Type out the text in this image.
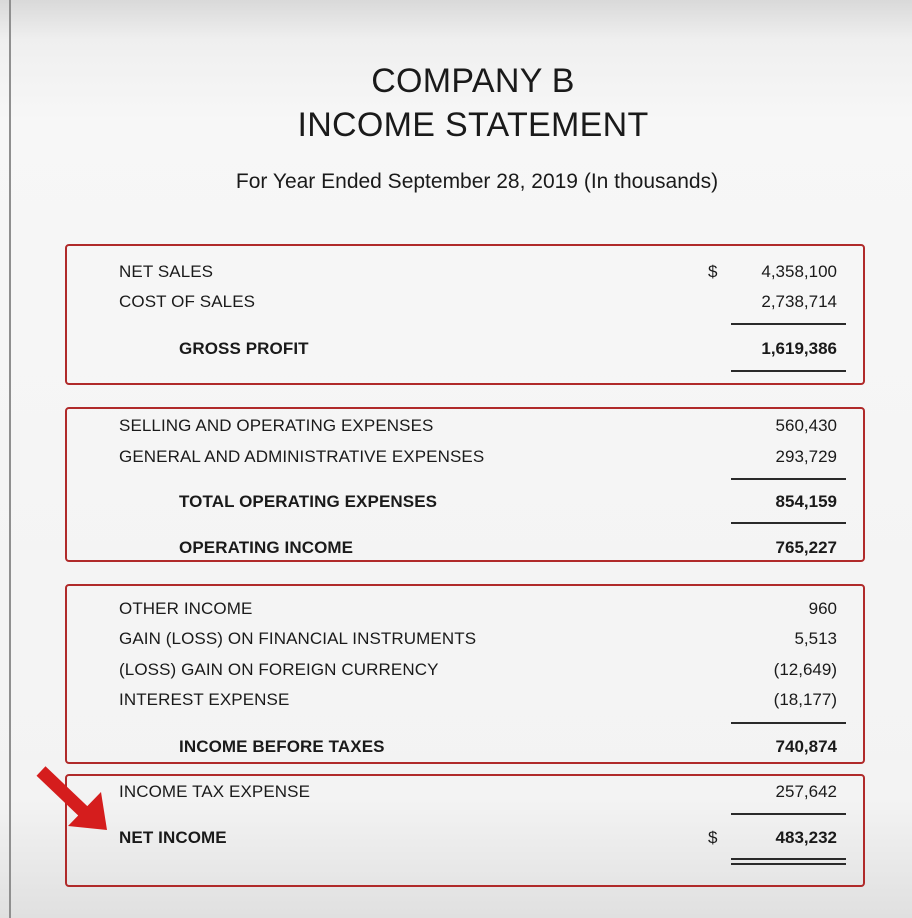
COMPANY B
INCOME STATEMENT
For Year Ended September 28, 2019 (In thousands)
NET SALES	$	4,358,100
COST OF SALES	2,738,714
GROSS PROFIT	1,619,386
SELLING AND OPERATING EXPENSES	560,430
GENERAL AND ADMINISTRATIVE EXPENSES	293,729
TOTAL OPERATING EXPENSES	854,159
OPERATING INCOME	765,227
OTHER INCOME	960
GAIN (LOSS) ON FINANCIAL INSTRUMENTS	5,513
(LOSS) GAIN ON FOREIGN CURRENCY	(12,649)
INTEREST EXPENSE	(18,177)
INCOME BEFORE TAXES	740,874
INCOME TAX EXPENSE	257,642
NET INCOME	$	483,232
